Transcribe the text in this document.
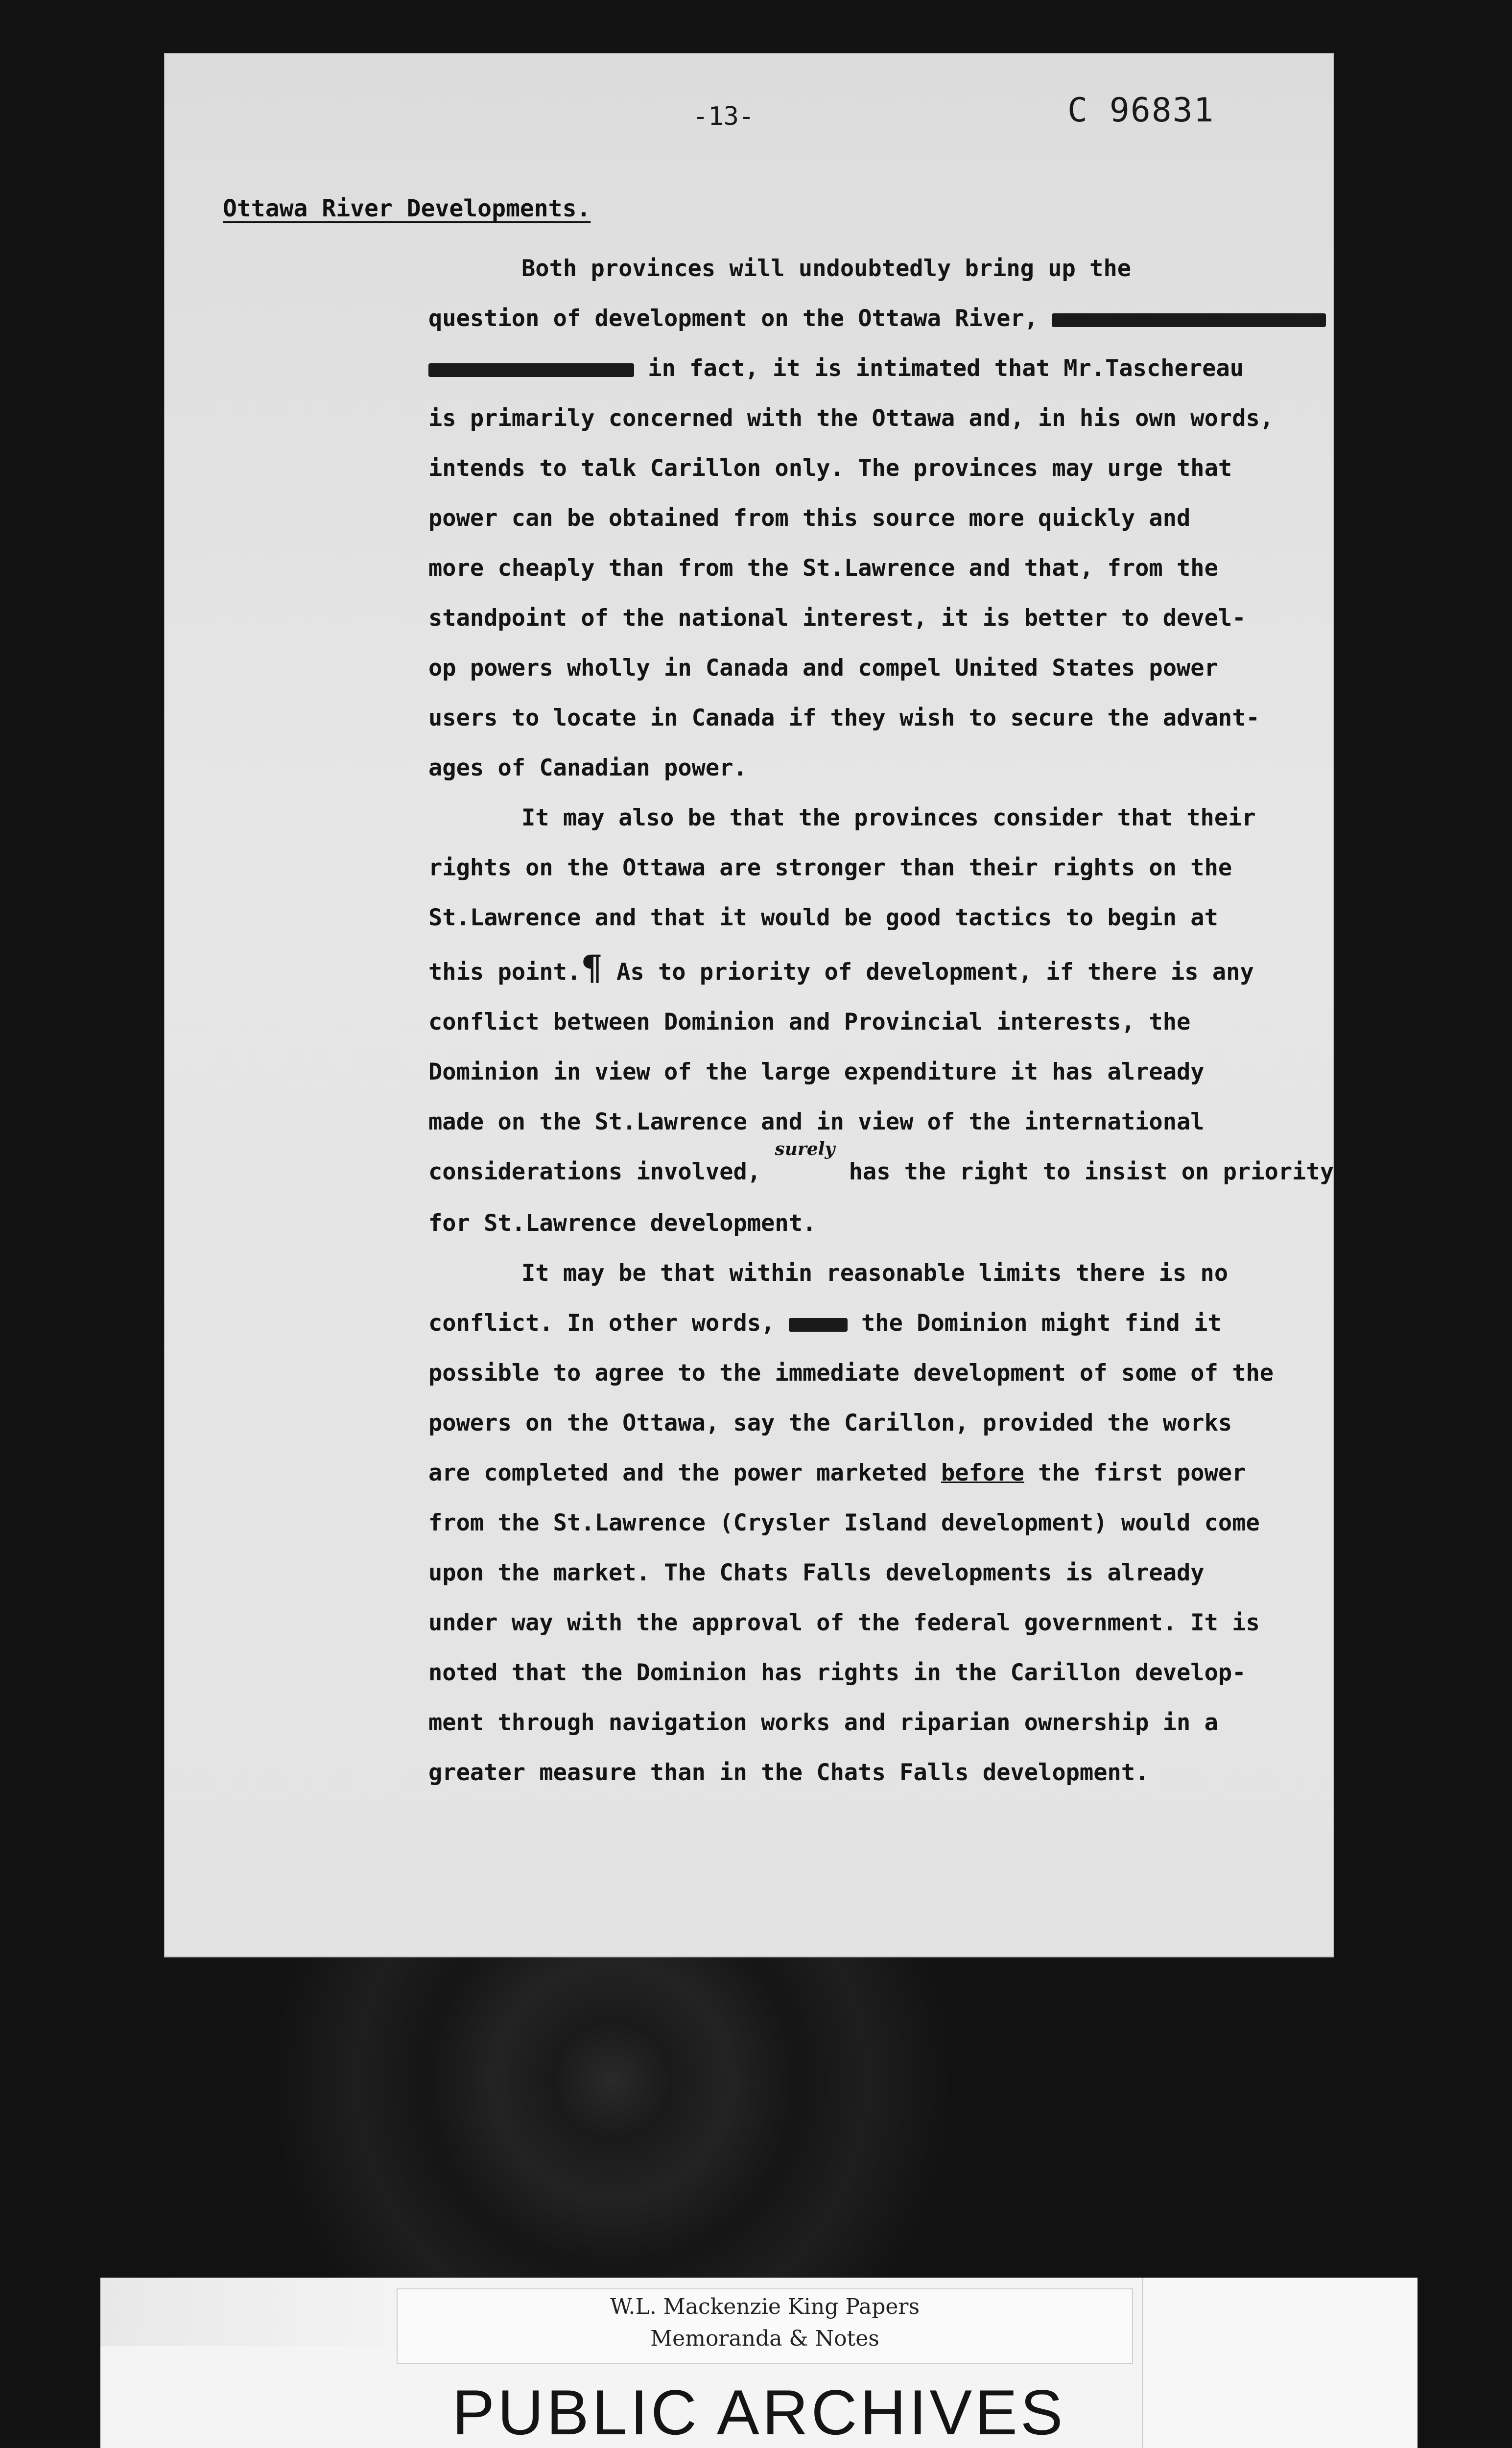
-13-	C 96831
Ottawa River Developments.
Both provinces will undoubtedly bring up the
question of development on the Ottawa River,
in fact, it is intimated that Mr.Taschereau
is primarily concerned with the Ottawa and, in his own words,
intends to talk Carillon only. The provinces may urge that
power can be obtained from this source more quickly and
more cheaply than from the St.Lawrence and that, from the
standpoint of the national interest, it is better to devel-
op powers wholly in Canada and compel United States power
users to locate in Canada if they wish to secure the advant-
ages of Canadian power.
It may also be that the provinces consider that their
rights on the Ottawa are stronger than their rights on the
St.Lawrence and that it would be good tactics to begin at
this point.¶ As to priority of development, if there is any
conflict between Dominion and Provincial interests, the
Dominion in view of the large expenditure it has already
made on the St.Lawrence and in view of the international
considerations involved, $^{surely}$ has the right to insist on priority
for St.Lawrence development.
It may be that within reasonable limits there is no
conflict. In other words,	the Dominion might find it
possible to agree to the immediate development of some of the
powers on the Ottawa, say the Carillon, provided the works
are completed and the power marketed before the first power
from the St.Lawrence (Crysler Island development) would come
upon the market. The Chats Falls developments is already
under way with the approval of the federal government. It is
noted that the Dominion has rights in the Carillon develop-
ment through navigation works and riparian ownership in a
greater measure than in the Chats Falls development.
W.L. Mackenzie King Papers
Memoranda & Notes
PUBLIC ARCHIVES
